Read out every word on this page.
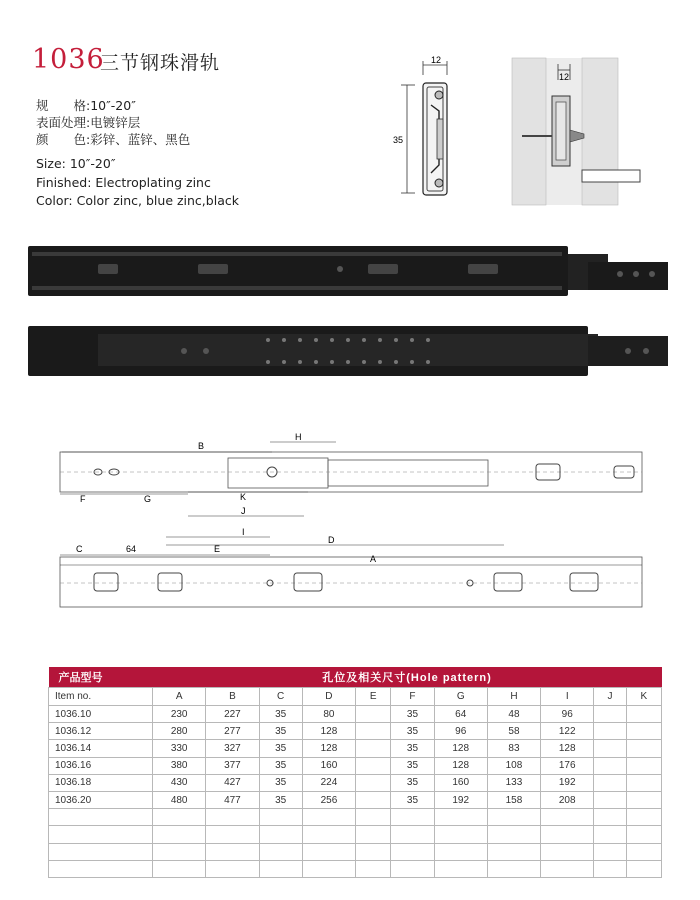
1036
三节钢珠滑轨
规　　格:10″-20″
表面处理:电镀锌层
颜　　色:彩锌、蓝锌、黑色
Size: 10″-20″
Finished: Electroplating zinc
Color: Color zinc, blue zinc,black
12
35
12
B
H
F	G	K
J
C	64	E
I
D
A
产品型号	孔位及相关尺寸(Hole pattern)										
Item no.	A	B	C	D	E	F	G	H	I	J	K
1036.10	230	227	35	80		35	64	48	96		
1036.12	280	277	35	128		35	96	58	122		
1036.14	330	327	35	128		35	128	83	128		
1036.16	380	377	35	160		35	128	108	176		
1036.18	430	427	35	224		35	160	133	192		
1036.20	480	477	35	256		35	192	158	208		
